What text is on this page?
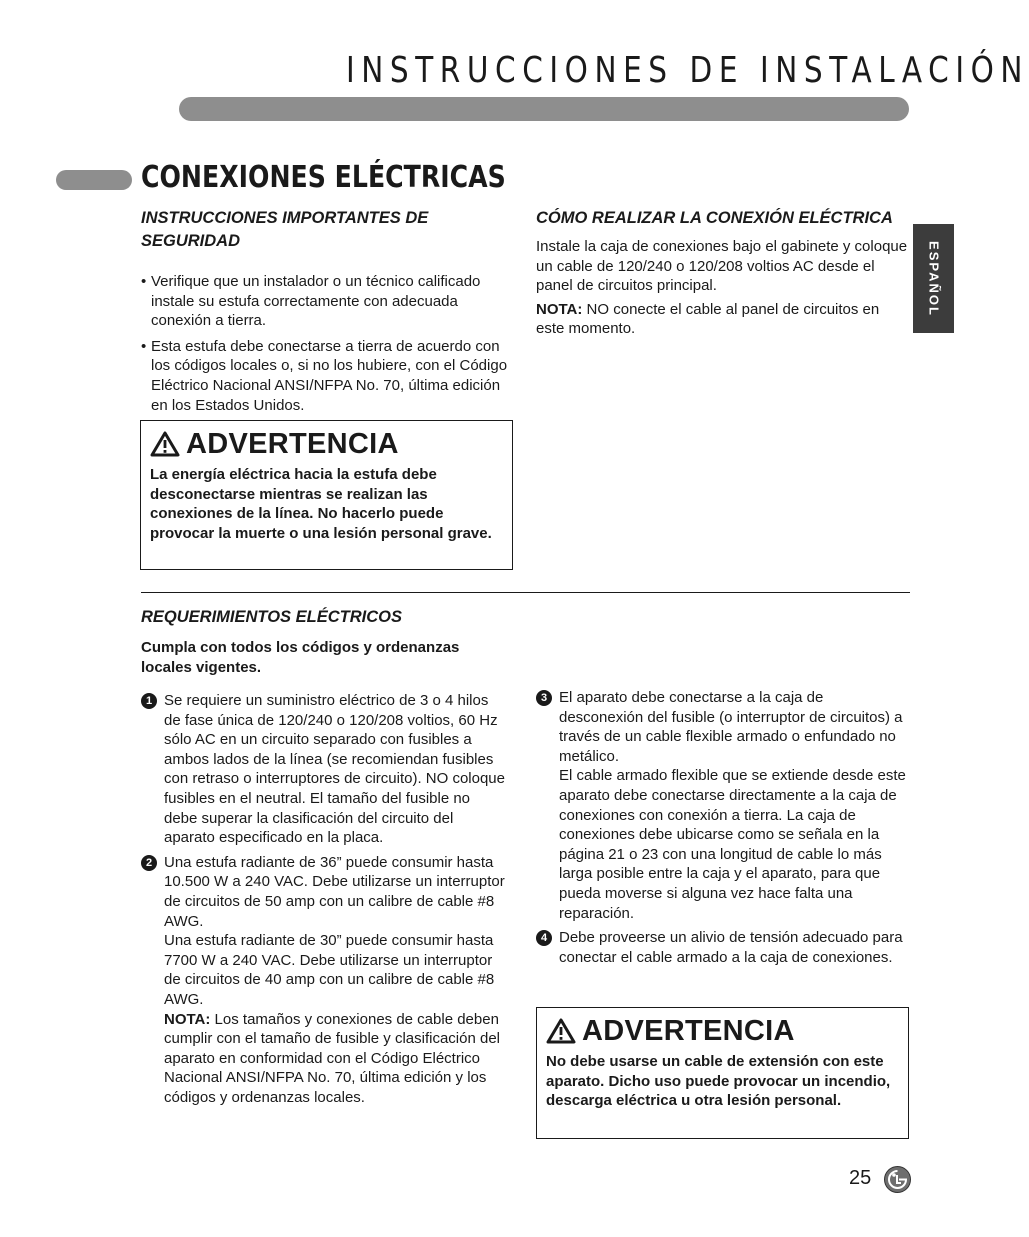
INSTRUCCIONES DE INSTALACIÓN
ESPAÑOL
CONEXIONES ELÉCTRICAS
INSTRUCCIONES IMPORTANTES DE SEGURIDAD
• Verifique que un instalador o un técnico calificado instale su estufa correctamente con adecuada conexión a tierra.
• Esta estufa debe conectarse a tierra de acuerdo con los códigos locales o, si no los hubiere, con el Código Eléctrico Nacional ANSI/NFPA No. 70, última edición en los Estados Unidos.
ADVERTENCIA
La energía eléctrica hacia la estufa debe desconectarse mientras se realizan las conexiones de la línea. No hacerlo puede provocar la muerte o una lesión personal grave.
CÓMO REALIZAR LA CONEXIÓN ELÉCTRICA
Instale la caja de conexiones bajo el gabinete y coloque un cable de 120/240 o 120/208 voltios AC desde el panel de circuitos principal.
NOTA: NO conecte el cable al panel de circuitos en este momento.
REQUERIMIENTOS ELÉCTRICOS
Cumpla con todos los códigos y ordenanzas locales vigentes.
1 Se requiere un suministro eléctrico de 3 o 4 hilos de fase única de 120/240 o 120/208 voltios, 60 Hz sólo AC en un circuito separado con fusibles a ambos lados de la línea (se recomiendan fusibles con retraso o interruptores de circuito). NO coloque fusibles en el neutral. El tamaño del fusible no debe superar la clasificación del circuito del aparato especificado en la placa.
2 Una estufa radiante de 36” puede consumir hasta 10.500 W a 240 VAC. Debe utilizarse un interruptor de circuitos de 50 amp con un calibre de cable #8 AWG.
Una estufa radiante de 30” puede consumir hasta 7700 W a 240 VAC. Debe utilizarse un interruptor de circuitos de 40 amp con un calibre de cable #8 AWG.
NOTA: Los tamaños y conexiones de cable deben cumplir con el tamaño de fusible y clasificación del aparato en conformidad con el Código Eléctrico Nacional ANSI/NFPA No. 70, última edición y los códigos y ordenanzas locales.
3 El aparato debe conectarse a la caja de desconexión del fusible (o interruptor de circuitos) a través de un cable flexible armado o enfundado no metálico.
El cable armado flexible que se extiende desde este aparato debe conectarse directamente a la caja de conexiones con conexión a tierra. La caja de conexiones debe ubicarse como se señala en la página 21 o 23 con una longitud de cable lo más larga posible entre la caja y el aparato, para que pueda moverse si alguna vez hace falta una reparación.
4 Debe proveerse un alivio de tensión adecuado para conectar el cable armado a la caja de conexiones.
ADVERTENCIA
No debe usarse un cable de extensión con este aparato. Dicho uso puede provocar un incendio, descarga eléctrica u otra lesión personal.
25
